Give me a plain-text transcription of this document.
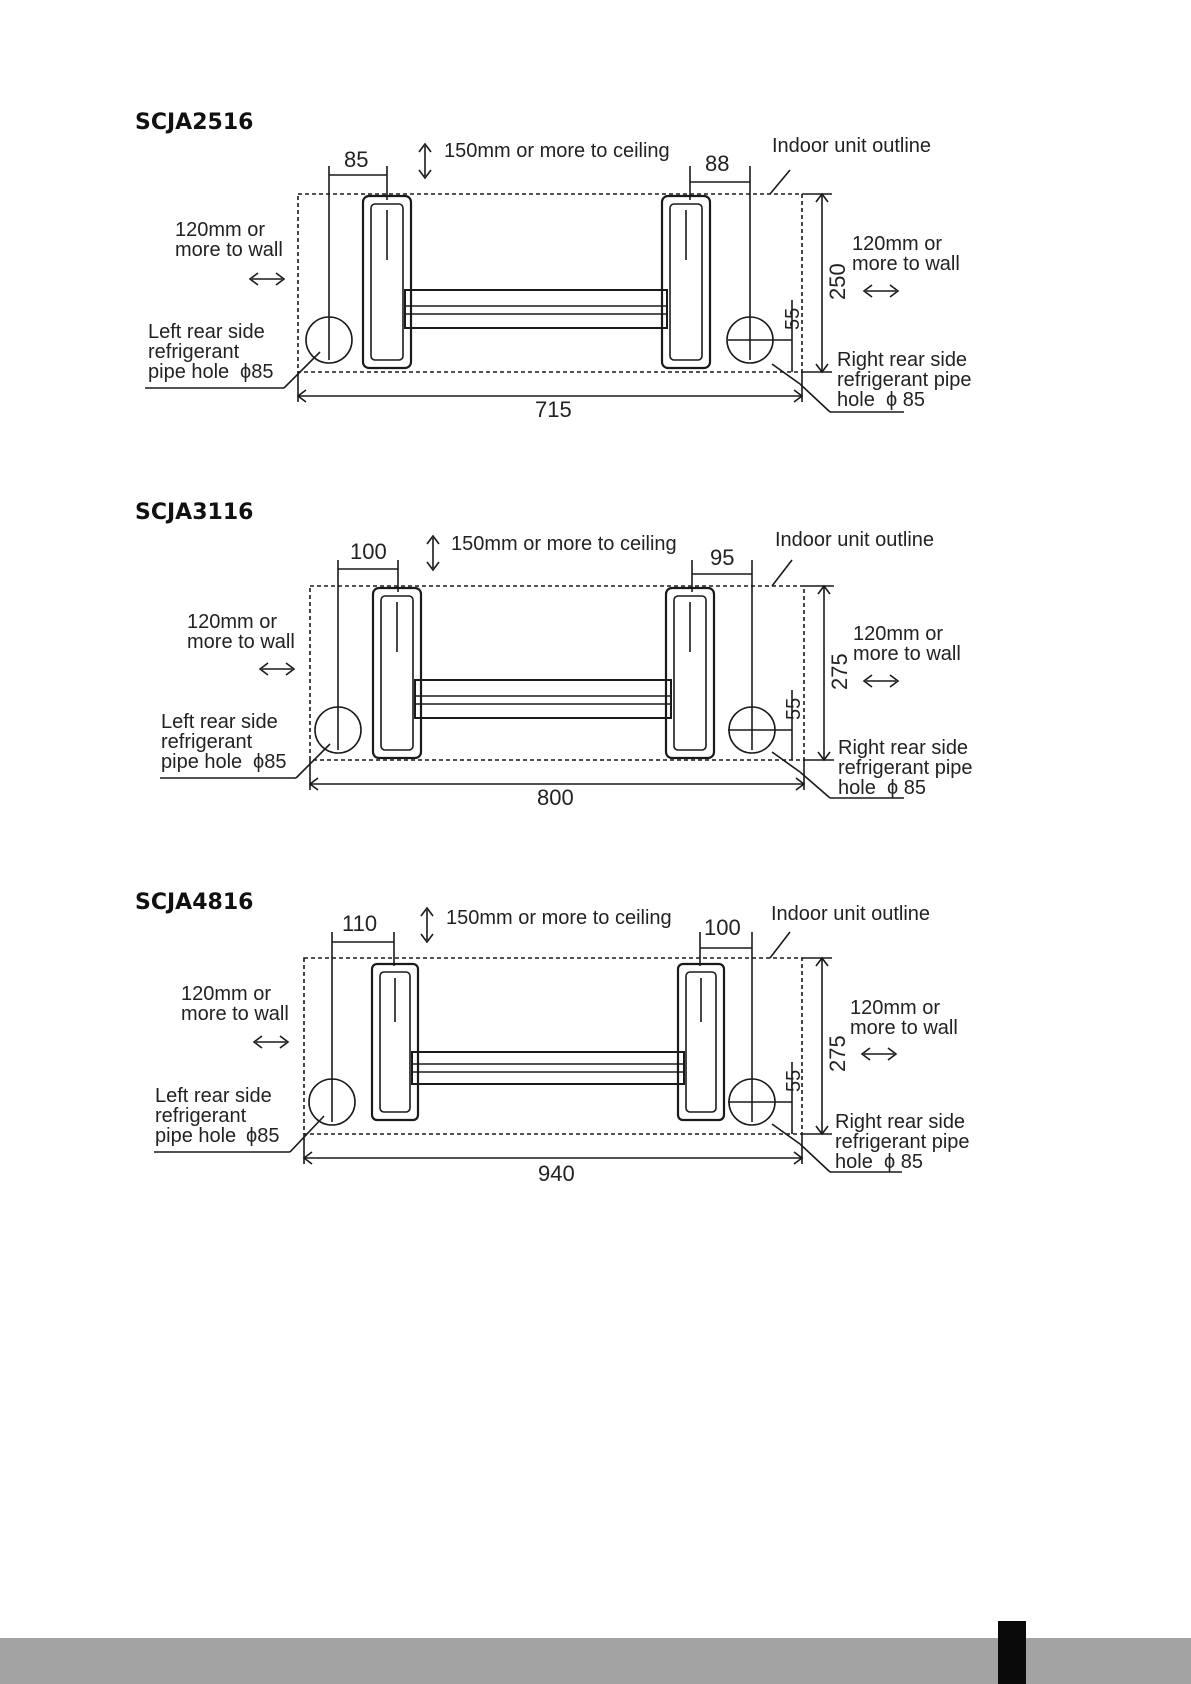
SCJA2516
85	88
150mm or more to ceiling	Indoor unit outline
120mm or
more to wall	120mm or
more to wall
Left rear side
refrigerant
pipe hole ϕ85
Right rear side
refrigerant pipe
hole ϕ 85
55
250
715
SCJA3116
100	95
150mm or more to ceiling	Indoor unit outline
120mm or
more to wall	120mm or
more to wall
Left rear side
refrigerant
pipe hole ϕ85
Right rear side
refrigerant pipe
hole ϕ 85
55
275
800
SCJA4816
110	100
150mm or more to ceiling	Indoor unit outline
120mm or
more to wall	120mm or
more to wall
Left rear side
refrigerant
pipe hole ϕ85
Right rear side
refrigerant pipe
hole ϕ 85
55
275
940
